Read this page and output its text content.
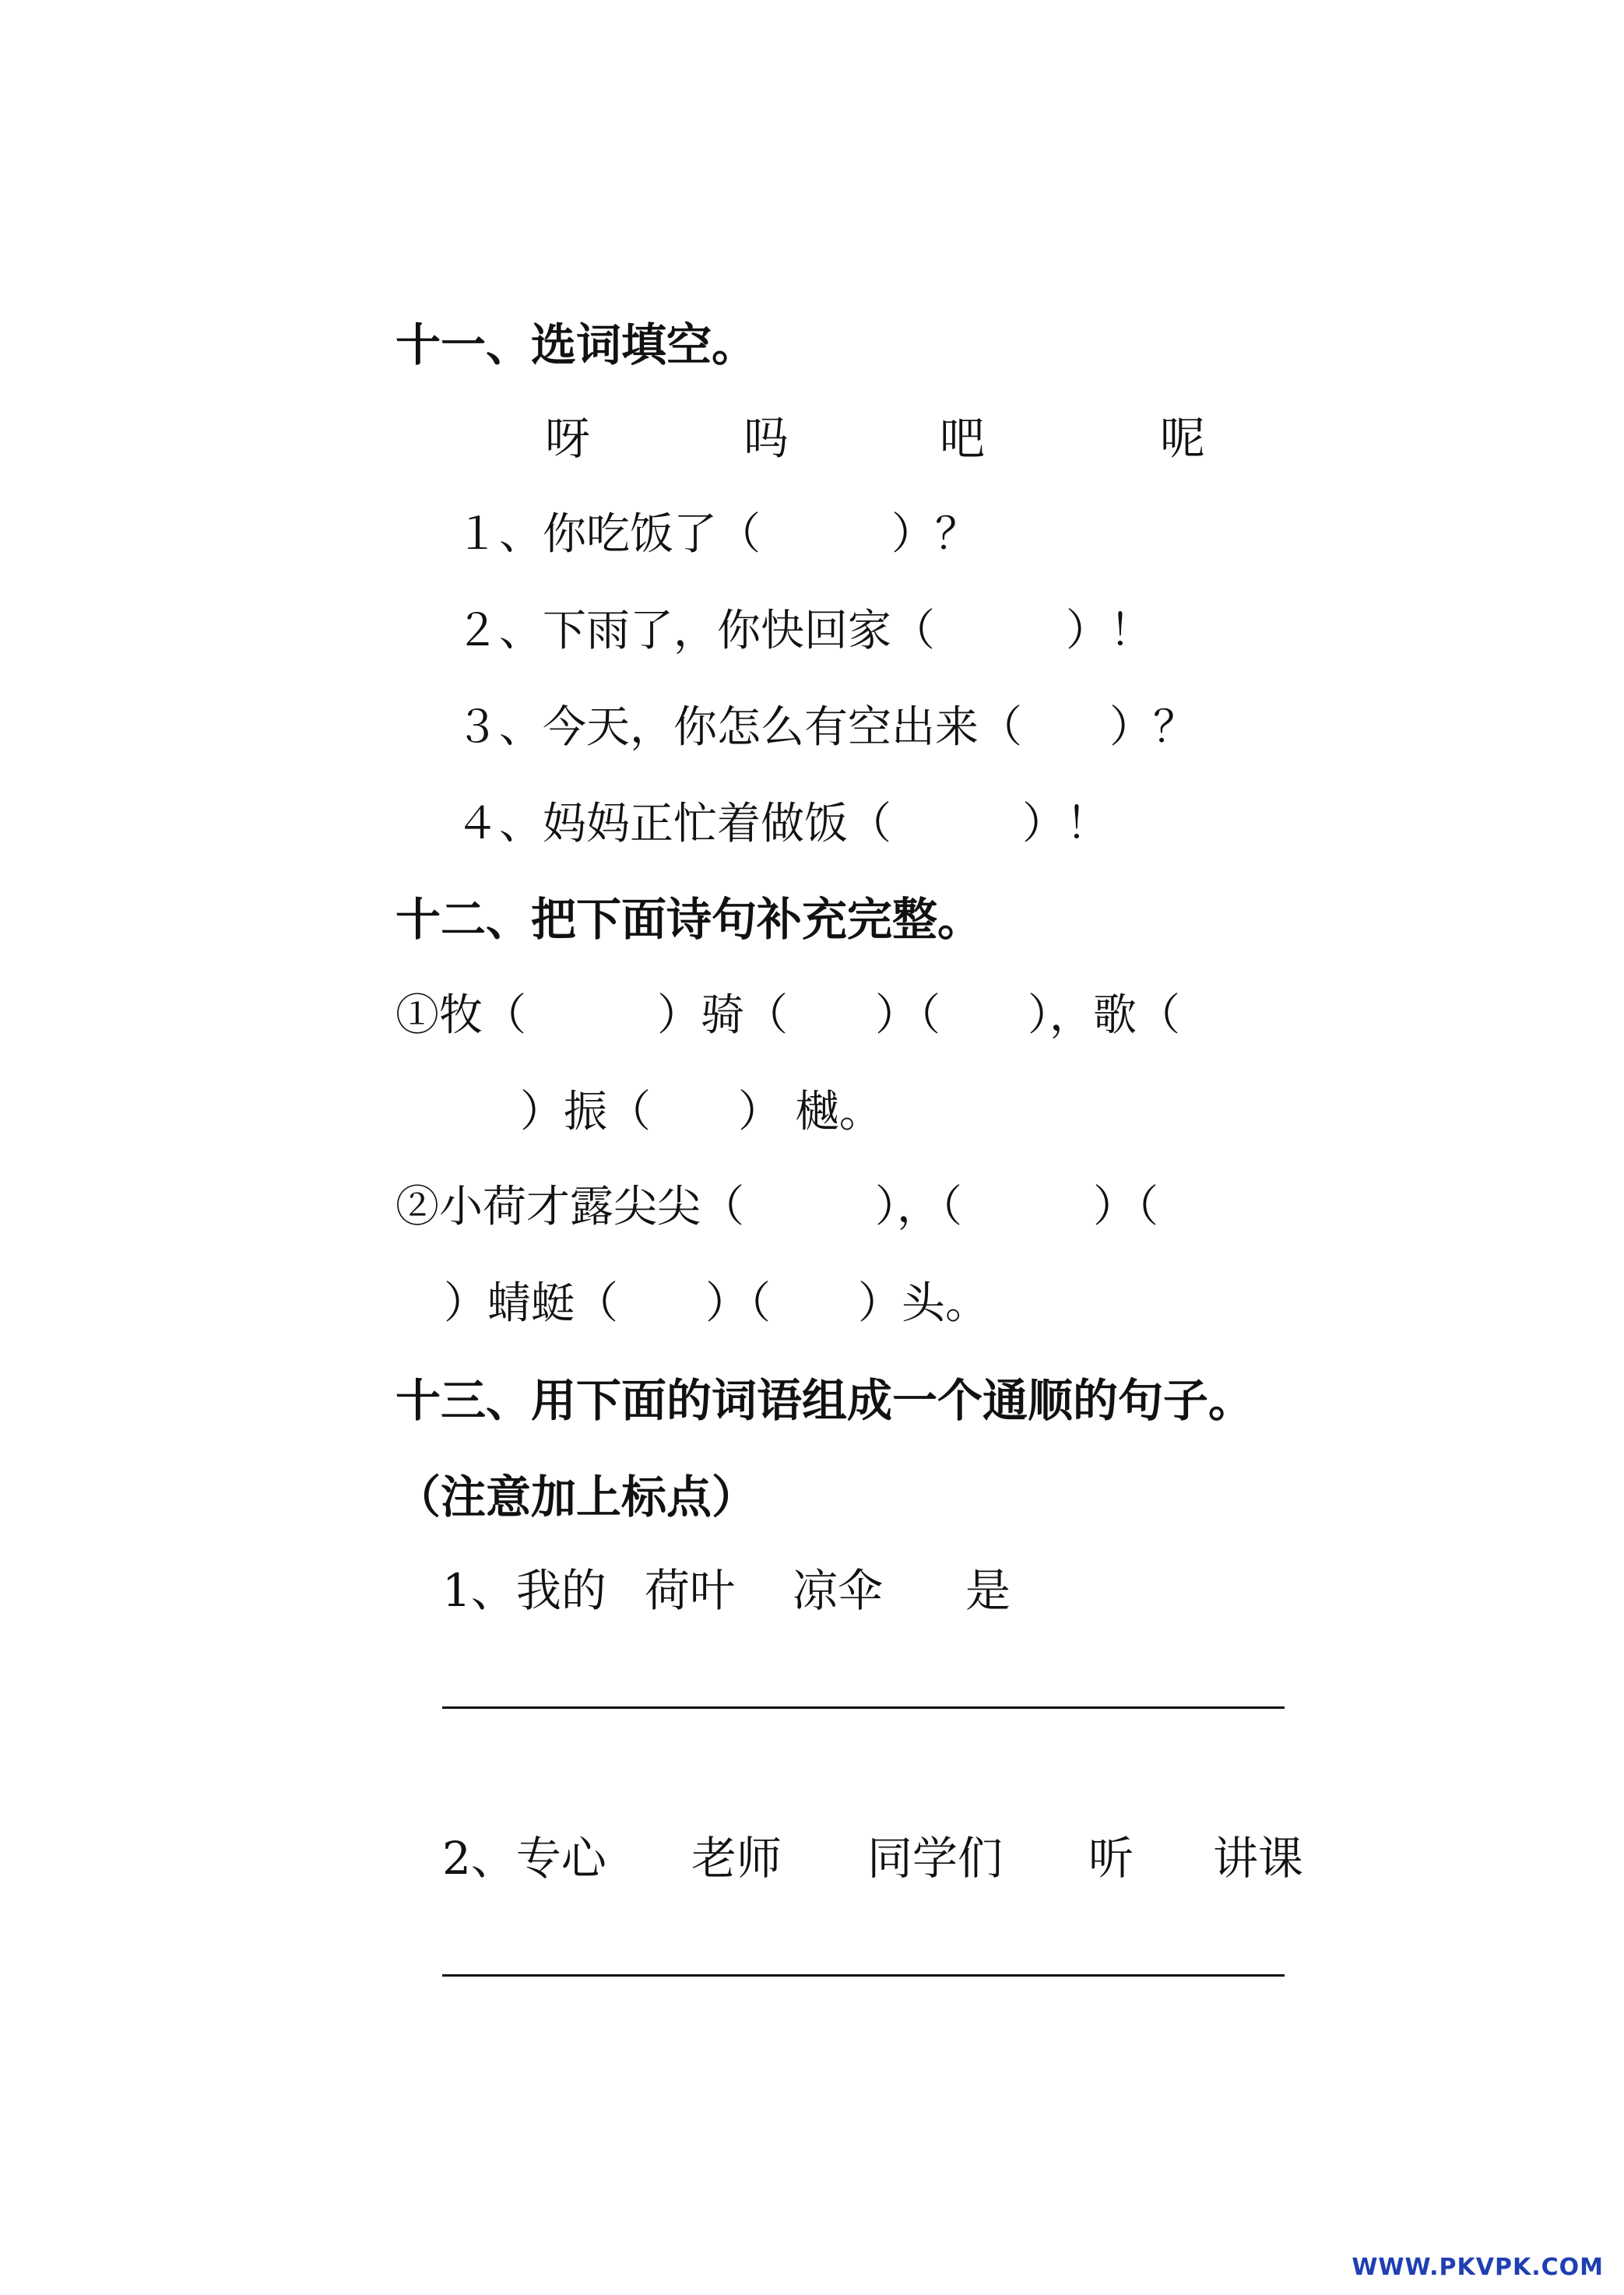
十一、选词填空。
呀	吗	吧	呢
１、你吃饭了（　　　）？
２、下雨了，你快回家（　　　）！
３、今天，你怎么有空出来（　　）？
４、妈妈正忙着做饭（　　　）！
十二、把下面诗句补充完整。
①牧（　　　）骑（　　）（　　），歌（
　）振（　　） 樾。
②小荷才露尖尖（　　　），（　　　）（
）蜻蜓（　　）（　　）头。
十三、用下面的词语组成一个通顺的句子。
（注意加上标点）
1、我的 荷叶 凉伞 是
2、专心 老师 同学们 听 讲课
WWW.PKVPK.COM
